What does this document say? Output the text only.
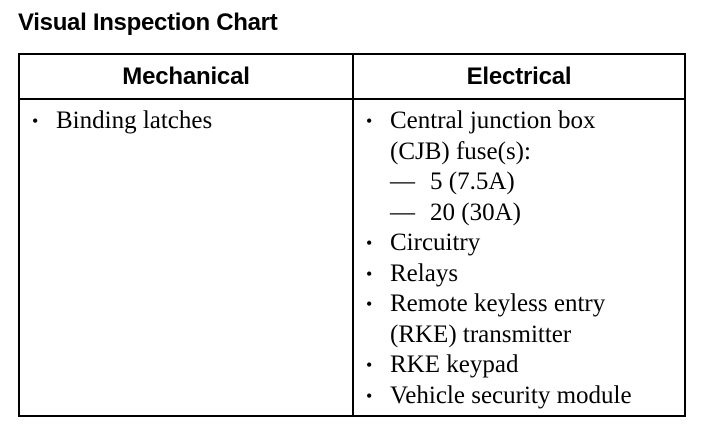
Visual Inspection Chart
Mechanical
• Binding latches
Electrical
• Central junction box
(CJB) fuse(s):
— 5 (7.5A)
— 20 (30A)
• Circuitry
• Relays
• Remote keyless entry
(RKE) transmitter
• RKE keypad
• Vehicle security module
